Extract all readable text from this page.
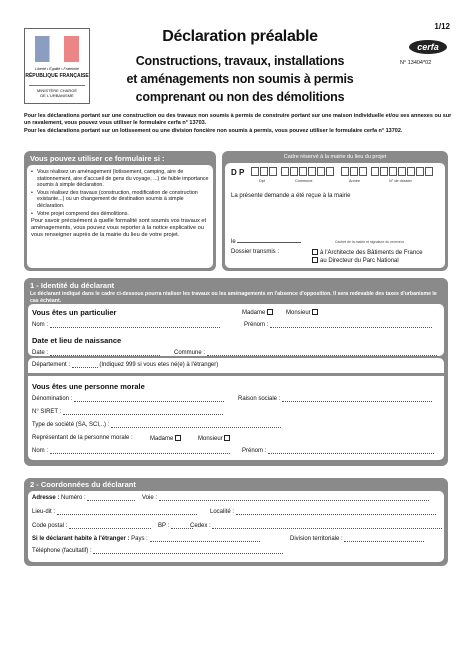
Liberté • Égalité • Fraternité
RÉPUBLIQUE FRANÇAISE
MINISTÈRE CHARGÉ
DE L'URBANISME
Déclaration préalable
Constructions, travaux, installations
et aménagements non soumis à permis
comprenant ou non des démolitions
1/12
cerfa
N° 13404*02

Pour les déclarations portant sur une construction ou des travaux non soumis à permis de construire portant sur une maison individuelle et/ou ses annexes ou sur un ravalement, vous pouvez vous utiliser le formulaire cerfa n° 13703.

Pour les déclarations portant sur un lotissement ou une division foncière non soumis à permis, vous pouvez utiliser le formulaire cerfa n° 13702.

Vous pouvez utiliser ce formulaire si :
• Vous réalisez un aménagement (lotissement, camping, aire de stationnement, aire d'accueil de gens du voyage, ...) de faible importance soumis à simple déclaration.
• Vous réalisez des travaux (construction, modification de construction existante...) ou un changement de destination soumis à simple déclaration.
• Votre projet comprend des démolitions.
Pour savoir précisément à quelle formalité sont soumis vos travaux et aménagements, vous pouvez vous reporter à la notice explicative ou vous renseigner auprès de la mairie du lieu de votre projet.
Cadre réservé à la mairie du lieu du projet
D P
Dpt	Commune	Année	N° de dossier
La présente demande a été reçue à la mairie
le	Cachet de la mairie et signature du receveur
Dossier transmis :	à l'Architecte des Bâtiments de France
au Directeur du Parc National
1 - Identité du déclarant
Le déclarant indiqué dans le cadre ci-dessous pourra réaliser les travaux ou les aménagements en l'absence d'opposition. Il sera redevable des taxes d'urbanisme le cas échéant.
Vous êtes un particulier	Madame	Monsieur
Nom :	Prénom :
Date et lieu de naissance
Date :	Commune :
Département :	(Indiquez 999 si vous etes né(e) à l'étranger)
Vous êtes une personne morale
Dénomination :	Raison sociale :
N° SIRET :
Type de société (SA, SCI,..) :
Représentant de la personne morale :	Madame	Monsieur
Nom :	Prénom :
2 - Coordonnées du déclarant
Adresse : Numéro :	Voie :
Lieu-dit :	Localité :
Code postal :	BP :	Cedex :
Si le déclarant habite à l'étranger : Pays :	Division territoriale :
Téléphone (facultatif) :
